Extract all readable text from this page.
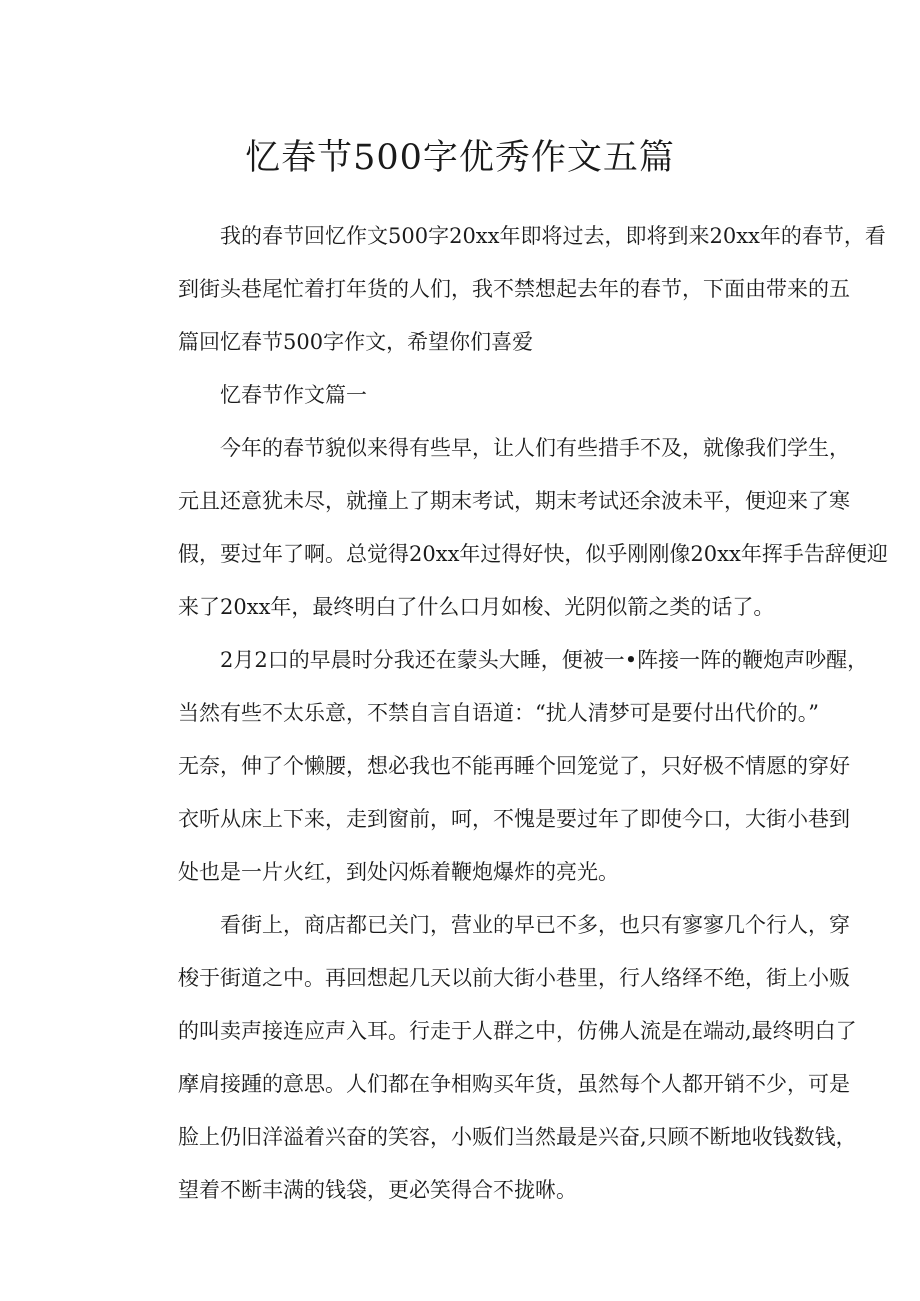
忆春节500字优秀作文五篇
我的春节回忆作文500字20xx年即将过去，即将到来20xx年的春节，看
到街头巷尾忙着打年货的人们，我不禁想起去年的春节，下面由带来的五
篇回忆春节500字作文，希望你们喜爱
忆春节作文篇一
今年的春节貌似来得有些早，让人们有些措手不及，就像我们学生，
元且还意犹未尽，就撞上了期末考试，期末考试还余波未平，便迎来了寒
假，要过年了啊。总觉得20xx年过得好快，似乎刚刚像20xx年挥手告辞便迎
来了20xx年，最终明白了什么口月如梭、光阴似箭之类的话了。
2月2口的早晨时分我还在蒙头大睡，便被一•阵接一阵的鞭炮声吵醒，
当然有些不太乐意，不禁自言自语道：“扰人清梦可是要付出代价的。”
无奈，伸了个懒腰，想必我也不能再睡个回笼觉了，只好极不情愿的穿好
衣听从床上下来，走到窗前，呵，不愧是要过年了即使今口，大街小巷到
处也是一片火红，到处闪烁着鞭炮爆炸的亮光。
看街上，商店都已关门，营业的早已不多，也只有寥寥几个行人，穿
梭于街道之中。再回想起几天以前大街小巷里，行人络绎不绝，街上小贩
的叫卖声接连应声入耳。行走于人群之中，仿佛人流是在端动,最终明白了
摩肩接踵的意思。人们都在争相购买年货，虽然每个人都开销不少，可是
脸上仍旧洋溢着兴奋的笑容，小贩们当然最是兴奋,只顾不断地收钱数钱，
望着不断丰满的钱袋，更必笑得合不拢咻。
